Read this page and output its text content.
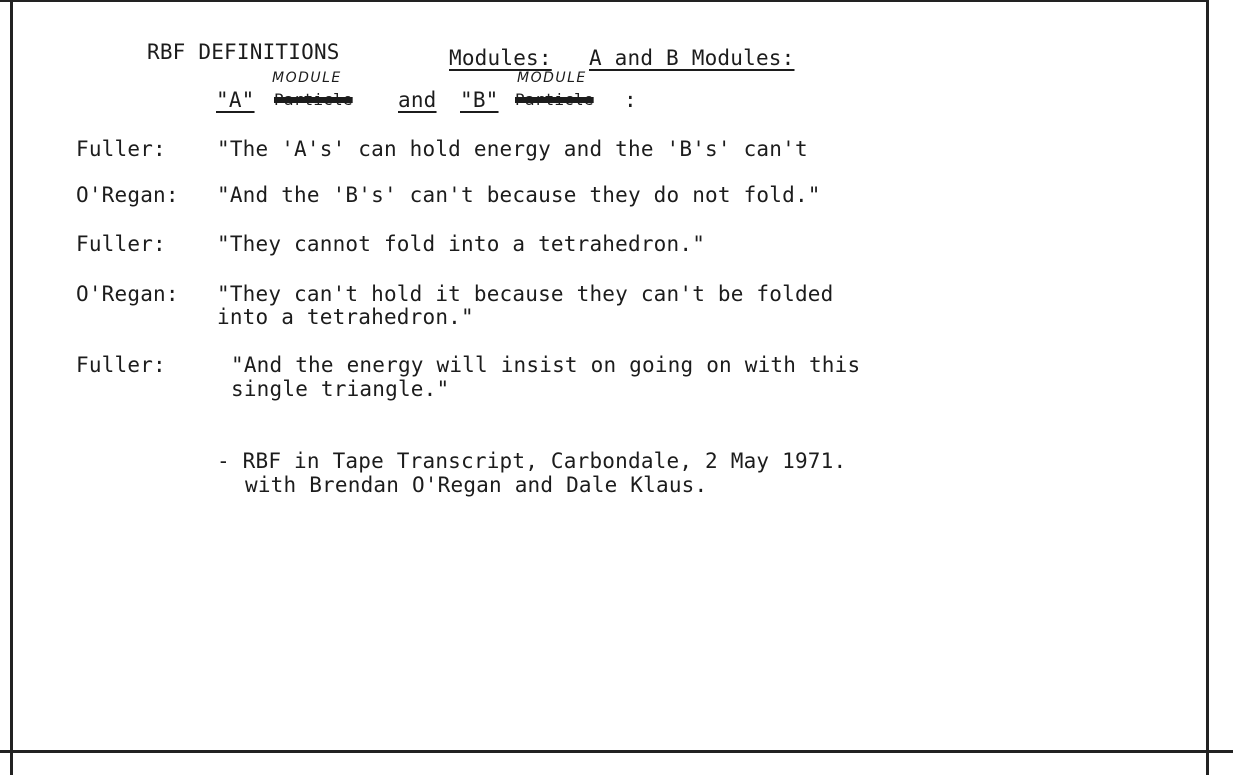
RBF DEFINITIONS	Modules: A and B Modules:
MODULE	MODULE
"A" Particle and "B" Particle :
Fuller: "The 'A's' can hold energy and the 'B's' can't
O'Regan: "And the 'B's' can't because they do not fold."
Fuller: "They cannot fold into a tetrahedron."
O'Regan: "They can't hold it because they can't be folded
into a tetrahedron."
Fuller:	"And the energy will insist on going on with this
single triangle."
- RBF in Tape Transcript, Carbondale, 2 May 1971.
with Brendan O'Regan and Dale Klaus.
